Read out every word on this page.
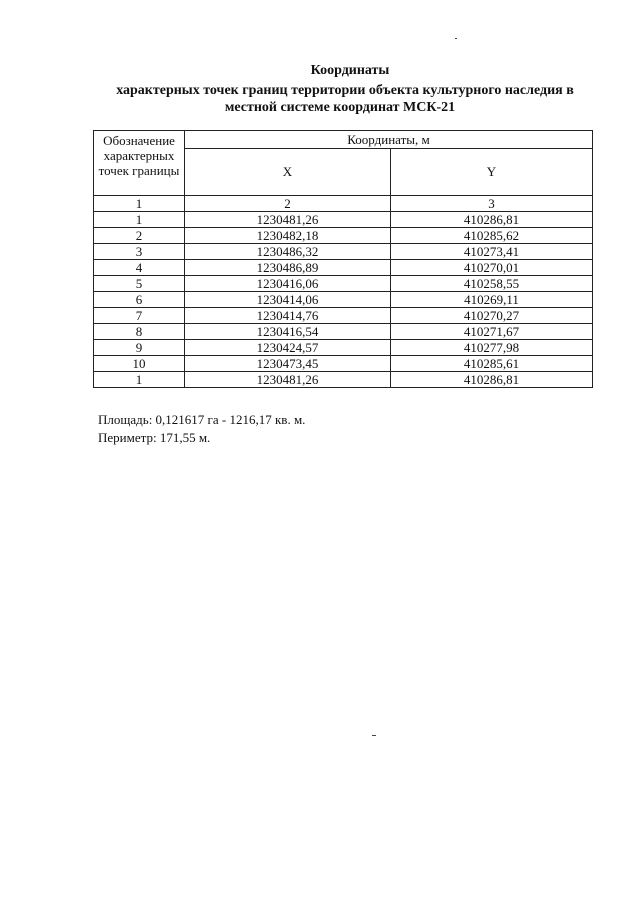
Координаты
характерных точек границ территории объекта культурного наследия в
местной системе координат МСК-21
Обозначение характерных точек границы	Координаты, м	
	X	Y
1	2	3
1	1230481,26	410286,81
2	1230482,18	410285,62
3	1230486,32	410273,41
4	1230486,89	410270,01
5	1230416,06	410258,55
6	1230414,06	410269,11
7	1230414,76	410270,27
8	1230416,54	410271,67
9	1230424,57	410277,98
10	1230473,45	410285,61
1	1230481,26	410286,81
Площадь: 0,121617 га - 1216,17 кв. м.
Периметр: 171,55 м.
